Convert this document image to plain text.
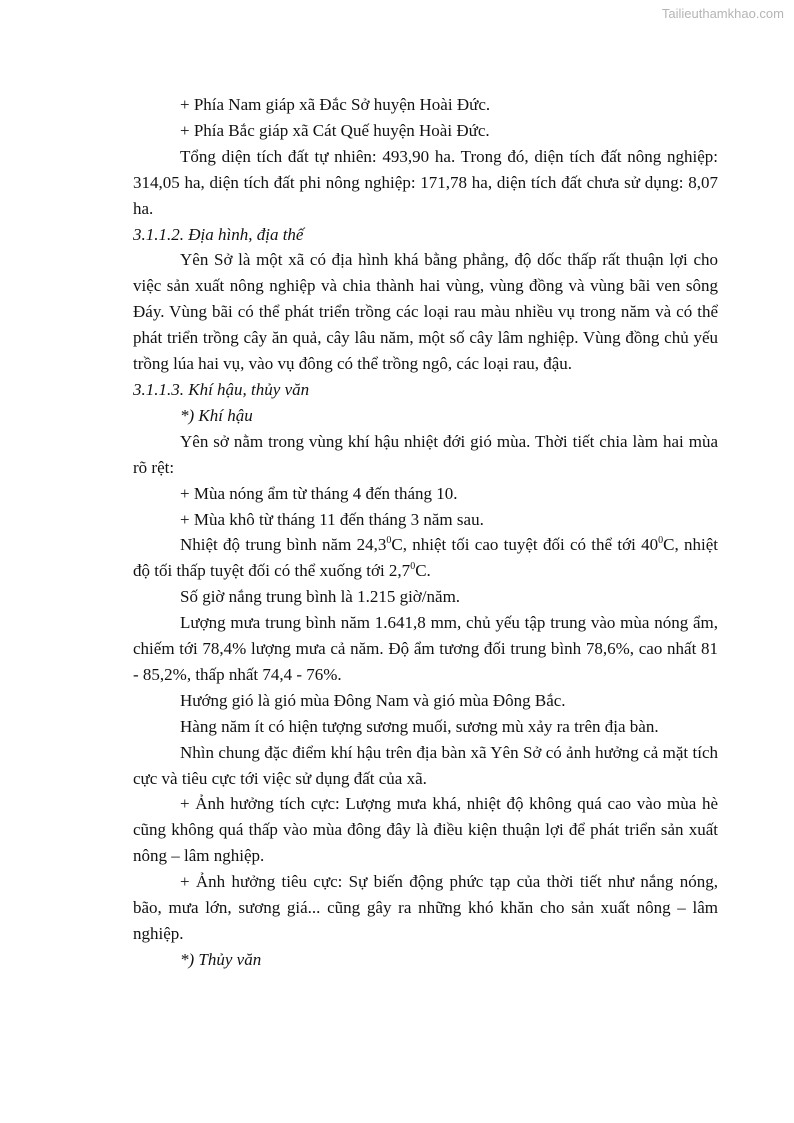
Tailieuthamkhao.com

+ Phía Nam giáp xã Đắc Sở huyện Hoài Đức.

+ Phía Bắc giáp xã Cát Quế huyện Hoài Đức.

Tổng diện tích đất tự nhiên: 493,90 ha. Trong đó, diện tích đất nông nghiệp: 314,05 ha, diện tích đất phi nông nghiệp: 171,78 ha, diện tích đất chưa sử dụng: 8,07 ha.

3.1.1.2. Địa hình, địa thế

Yên Sở là một xã có địa hình khá bằng phẳng, độ dốc thấp rất thuận lợi cho việc sản xuất nông nghiệp và chia thành hai vùng, vùng đồng và vùng bãi ven sông Đáy. Vùng bãi có thể phát triển trồng các loại rau màu nhiều vụ trong năm và có thể phát triển trồng cây ăn quả, cây lâu năm, một số cây lâm nghiệp. Vùng đồng chủ yếu trồng lúa hai vụ, vào vụ đông có thể trồng ngô, các loại rau, đậu.

3.1.1.3. Khí hậu, thủy văn

*) Khí hậu

Yên sở nằm trong vùng khí hậu nhiệt đới gió mùa. Thời tiết chia làm hai mùa rõ rệt:

+ Mùa nóng ẩm từ tháng 4 đến tháng 10.

+ Mùa khô từ tháng 11 đến tháng 3 năm sau.

Nhiệt độ trung bình năm 24,3$^0$C, nhiệt tối cao tuyệt đối có thể tới $40^0C$, nhiệt độ tối thấp tuyệt đối có thể xuống tới $2,7^0C$.

Số giờ nắng trung bình là 1.215 giờ/năm.

Lượng mưa trung bình năm 1.641,8 mm, chủ yếu tập trung vào mùa nóng ẩm, chiếm tới 78,4% lượng mưa cả năm. Độ ẩm tương đối trung bình 78,6%, cao nhất 81 - 85,2%, thấp nhất 74,4 - 76%.

Hướng gió là gió mùa Đông Nam và gió mùa Đông Bắc.

Hàng năm ít có hiện tượng sương muối, sương mù xảy ra trên địa bàn.

Nhìn chung đặc điểm khí hậu trên địa bàn xã Yên Sở có ảnh hưởng cả mặt tích cực và tiêu cực tới việc sử dụng đất của xã.

+ Ảnh hưởng tích cực: Lượng mưa khá, nhiệt độ không quá cao vào mùa hè cũng không quá thấp vào mùa đông đây là điều kiện thuận lợi để phát triển sản xuất nông – lâm nghiệp.

+ Ảnh hưởng tiêu cực: Sự biến động phức tạp của thời tiết như nắng nóng, bão, mưa lớn, sương giá... cũng gây ra những khó khăn cho sản xuất nông – lâm nghiệp.

*) Thủy văn
